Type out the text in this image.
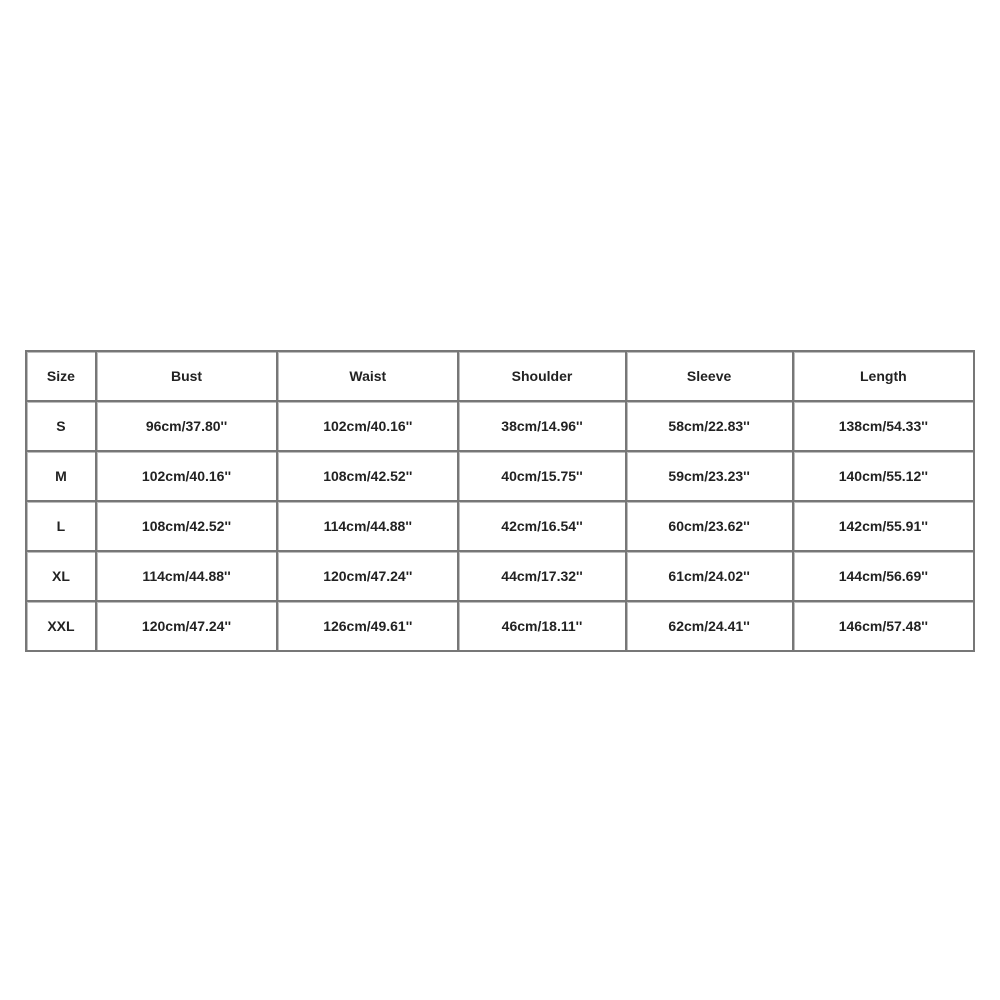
Size	Bust	Waist	Shoulder	Sleeve	Length
S	96cm/37.80''	102cm/40.16''	38cm/14.96''	58cm/22.83''	138cm/54.33''
M	102cm/40.16''	108cm/42.52''	40cm/15.75''	59cm/23.23''	140cm/55.12''
L	108cm/42.52''	114cm/44.88''	42cm/16.54''	60cm/23.62''	142cm/55.91''
XL	114cm/44.88''	120cm/47.24''	44cm/17.32''	61cm/24.02''	144cm/56.69''
XXL	120cm/47.24''	126cm/49.61''	46cm/18.11''	62cm/24.41''	146cm/57.48''
